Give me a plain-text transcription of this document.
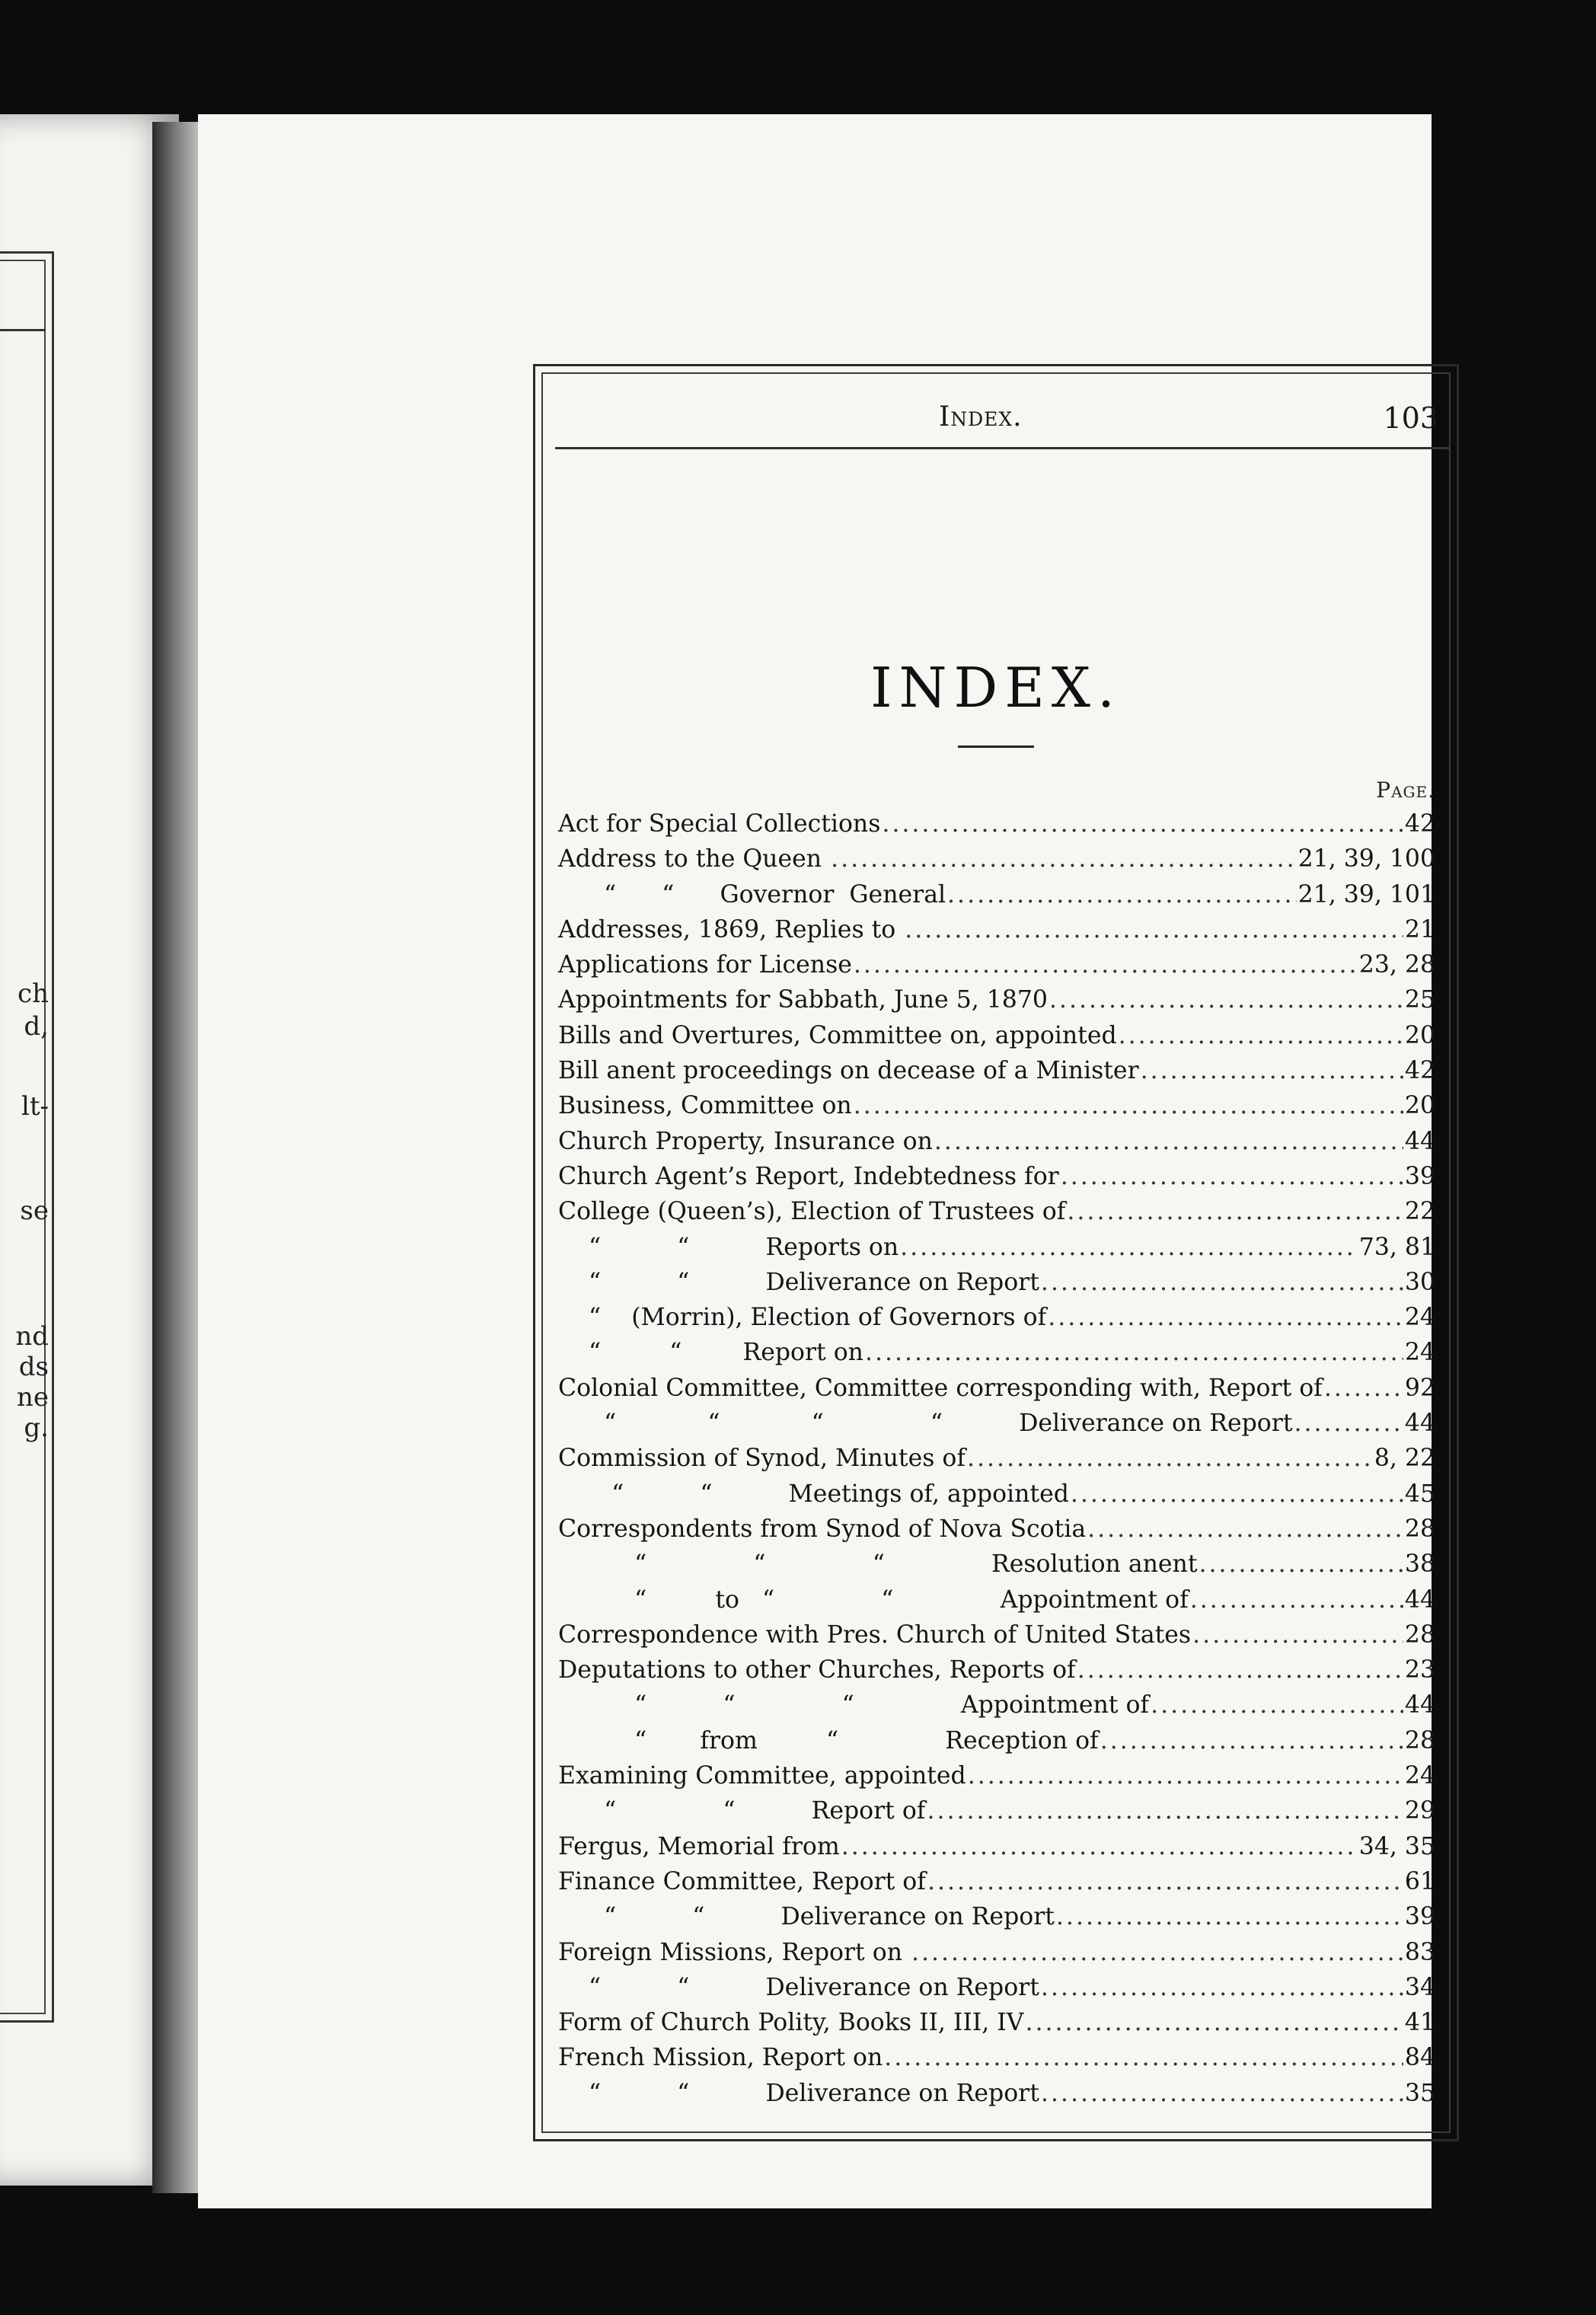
ch
d,
lt-
se
nd
ds
ne
g.
Index.	103
INDEX.
Page.
Act for Special Collections .....	42
Address to the Queen .....	21, 39, 100
“      “      Governor  General .....	21, 39, 101
Addresses, 1869, Replies to .....	21
Applications for License .....	23, 28
Appointments for Sabbath, June 5, 1870 .....	25
Bills and Overtures, Committee on, appointed .....	20
Bill anent proceedings on decease of a Minister .....	42
Business, Committee on .....	20
Church Property, Insurance on .....	44
Church Agent’s Report, Indebtedness for .....	39
College (Queen’s), Election of Trustees of .....	22
“          “          Reports on .....	73, 81
“          “          Deliverance on Report .....	30
“    (Morrin), Election of Governors of .....	24
“         “        Report on .....	24
Colonial Committee, Committee corresponding with, Report of .....	92
“            “            “              “          Deliverance on Report .....	44
Commission of Synod, Minutes of .....	8, 22
“          “          Meetings of, appointed .....	45
Correspondents from Synod of Nova Scotia .....	28
“              “              “              Resolution anent .....	38
“         to   “              “              Appointment of .....	44
Correspondence with Pres. Church of United States .....	28
Deputations to other Churches, Reports of .....	23
“          “              “              Appointment of .....	44
“       from         “              Reception of .....	28
Examining Committee, appointed .....	24
“              “          Report of .....	29
Fergus, Memorial from .....	34, 35
Finance Committee, Report of .....	61
“          “          Deliverance on Report .....	39
Foreign Missions, Report on .....	83
“          “          Deliverance on Report .....	34
Form of Church Polity, Books II, III, IV .....	41
French Mission, Report on .....	84
“          “          Deliverance on Report .....	35
